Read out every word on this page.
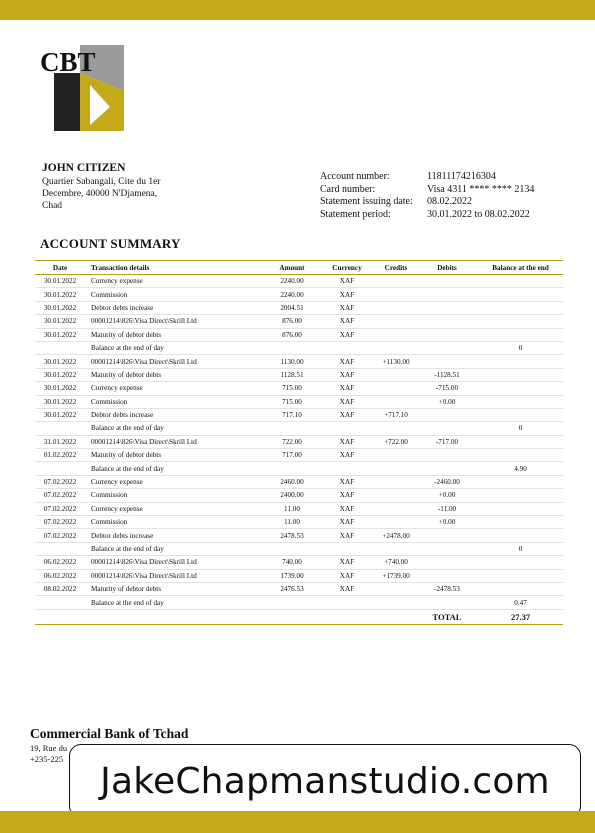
CBT
JOHN CITIZEN
Quartier Sabangali, Cite du 1er Decembre, 40000 N'Djamena, Chad
Account number:	11811174216304
Card number:	Visa 4311 **** **** 2134
Statement issuing date:	08.02.2022
Statement period:	30.01.2022 to 08.02.2022
ACCOUNT SUMMARY
Date	Transaction details	Amount	Currency	Credits	Debits	Balance at the end
30.01.2022	Currency expense	2240.00	XAF			
30.01.2022	Commission	2240.00	XAF			
30.01.2022	Debtor debts increase	2004.51	XAF			
30.01.2022	00001214\826\Visa Direct\Skrill Ltd	876.00	XAF			
30.01.2022	Maturity of debtor debts	876.00	XAF			
	Balance at the end of day					0
30.01.2022	00001214\826\Visa Direct\Skrill Ltd	1130.00	XAF	+1130.00		
30.01.2022	Maturity of debtor debts	1128.51	XAF		-1128.51	
30.01.2022	Currency expense	715.00	XAF		-715.00	
30.01.2022	Commission	715.00	XAF		+0.00	
30.01.2022	Debtor debts increase	717.10	XAF	+717.10		
	Balance at the end of day					0
31.01.2022	00001214\826\Visa Direct\Skrill Ltd	722.00	XAF	+722.00	-717.00	
01.02.2022	Maturity of debtor debts	717.00	XAF			
	Balance at the end of day					4.90
07.02.2022	Currency expense	2460.00	XAF		-2460.00	
07.02.2022	Commission	2400.00	XAF		+0.00	
07.02.2022	Currency expense	11.00	XAF		-11.00	
07.02.2022	Commission	11.00	XAF		+0.00	
07.02.2022	Debtor debts increase	2478.53	XAF	+2478.00		
	Balance at the end of day					0
06.02.2022	00001214\826\Visa Direct\Skrill Ltd	740.00	XAF	+740.00		
06.02.2022	00001214\826\Visa Direct\Skrill Ltd	1739.00	XAF	+1739.00		
08.02.2022	Maturity of debtor debts	2476.53	XAF		-2478.53	
	Balance at the end of day					0.47
					TOTAL	27.37
Commercial Bank of Tchad
19, Rue du
+235-225
JakeChapmanstudio.com
